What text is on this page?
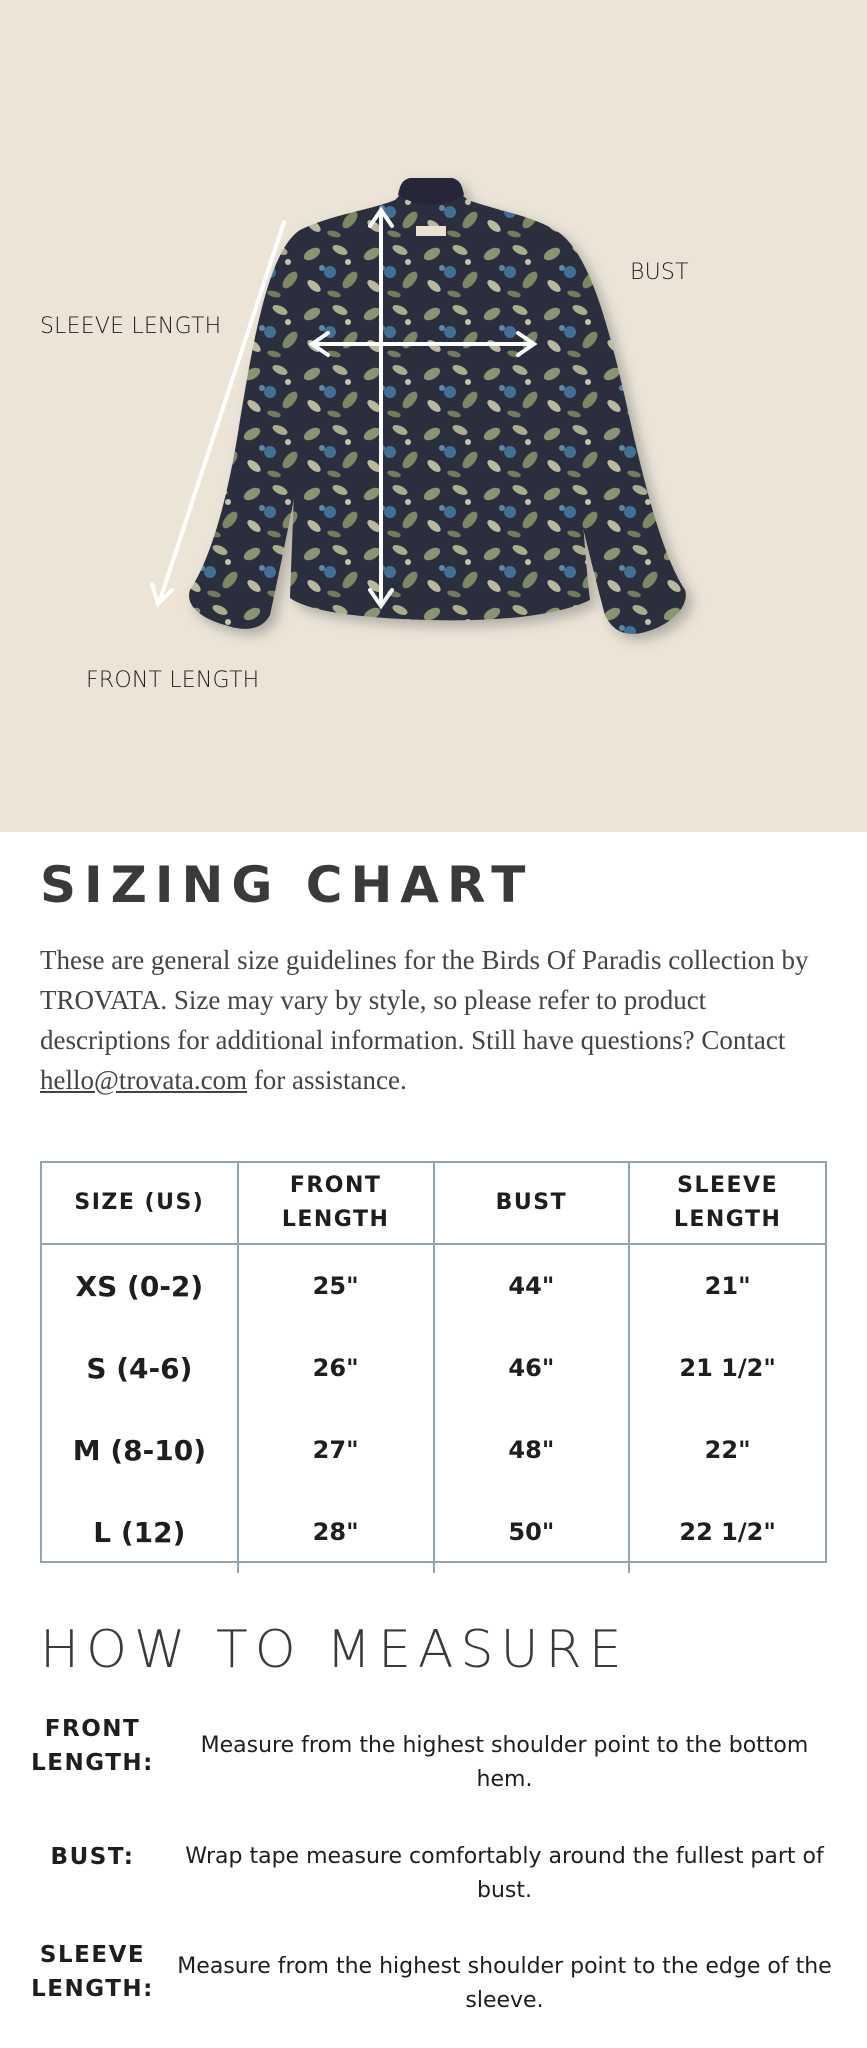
SLEEVE LENGTH
BUST
FRONT LENGTH
SIZING CHART

These are general size guidelines for the Birds Of Paradis collection by TROVATA. Size may vary by style, so please refer to product descriptions for additional information. Still have questions? Contact hello@trovata.com for assistance.

SIZE (US)	FRONT LENGTH	BUST	SLEEVE LENGTH
XS (0-2)	25"	44"	21"
S (4-6)	26"	46"	21 1/2"
M (8-10)	27"	48"	22"
L (12)	28"	50"	22 1/2"
HOW TO MEASURE
FRONT LENGTH:
Measure from the highest shoulder point to the bottom hem.
BUST:	Wrap tape measure comfortably around the fullest part of bust.
SLEEVE LENGTH:
Measure from the highest shoulder point to the edge of the sleeve.
